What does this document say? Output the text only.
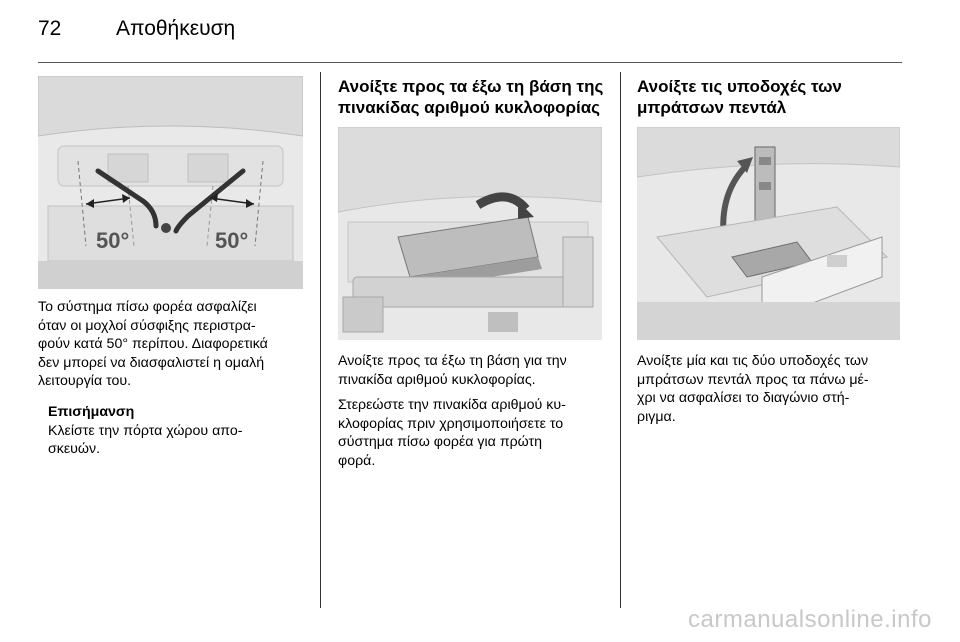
72	Αποθήκευση
50°	50°

Το σύστημα πίσω φορέα ασφαλίζει

όταν οι μοχλοί σύσφιξης περιστρα-

φούν κατά 50° περίπου. Διαφορετικά

δεν μπορεί να διασφαλιστεί η ομαλή

λειτουργία του.

Επισήμανση

Κλείστε την πόρτα χώρου απο-

σκευών.

Ανοίξτε προς τα έξω τη βάση της
πινακίδας αριθμού κυκλοφορίας

Ανοίξτε προς τα έξω τη βάση για την

πινακίδα αριθμού κυκλοφορίας.

Στερεώστε την πινακίδα αριθμού κυ-

κλοφορίας πριν χρησιμοποιήσετε το

σύστημα πίσω φορέα για πρώτη

φορά.

Ανοίξτε τις υποδοχές των
μπράτσων πεντάλ

Ανοίξτε μία και τις δύο υποδοχές των

μπράτσων πεντάλ προς τα πάνω μέ-

χρι να ασφαλίσει το διαγώνιο στή-

ριγμα.

carmanualsonline.info
